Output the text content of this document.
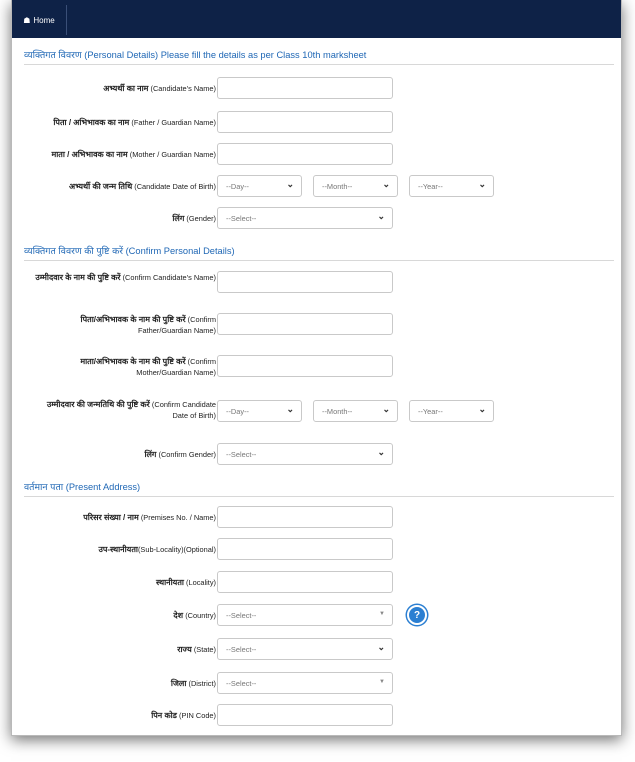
☗ Home
व्यक्तिगत विवरण (Personal Details) Please fill the details as per Class 10th marksheet
अभ्यर्थी का नाम (Candidate's Name)
पिता / अभिभावक का नाम (Father / Guardian Name)
माता / अभिभावक का नाम (Mother / Guardian Name)
अभ्यर्थी की जन्म तिथि (Candidate Date of Birth) --Day--	⌄	--Month--	⌄	--Year--	⌄
लिंग (Gender) --Select--	⌄
व्यक्तिगत विवरण की पुष्टि करें (Confirm Personal Details)
उम्मीदवार के नाम की पुष्टि करें (Confirm Candidate's Name)
पिता/अभिभावक के नाम की पुष्टि करें (Confirm Father/Guardian Name)
माता/अभिभावक के नाम की पुष्टि करें (Confirm Mother/Guardian Name)
उम्मीदवार की जन्मतिथि की पुष्टि करें (Confirm Candidate Date of Birth) --Day--	⌄	--Month--	⌄	--Year--	⌄
लिंग (Confirm Gender) --Select--	⌄
वर्तमान पता (Present Address)
परिसर संख्या / नाम (Premises No. / Name)
उप-स्थानीयता(Sub-Locality)(Optional)
स्थानीयता (Locality)
देश (Country) --Select--	▼	?
राज्य (State) --Select--	⌄
जिला (District) --Select--	▼
पिन कोड (PIN Code)
